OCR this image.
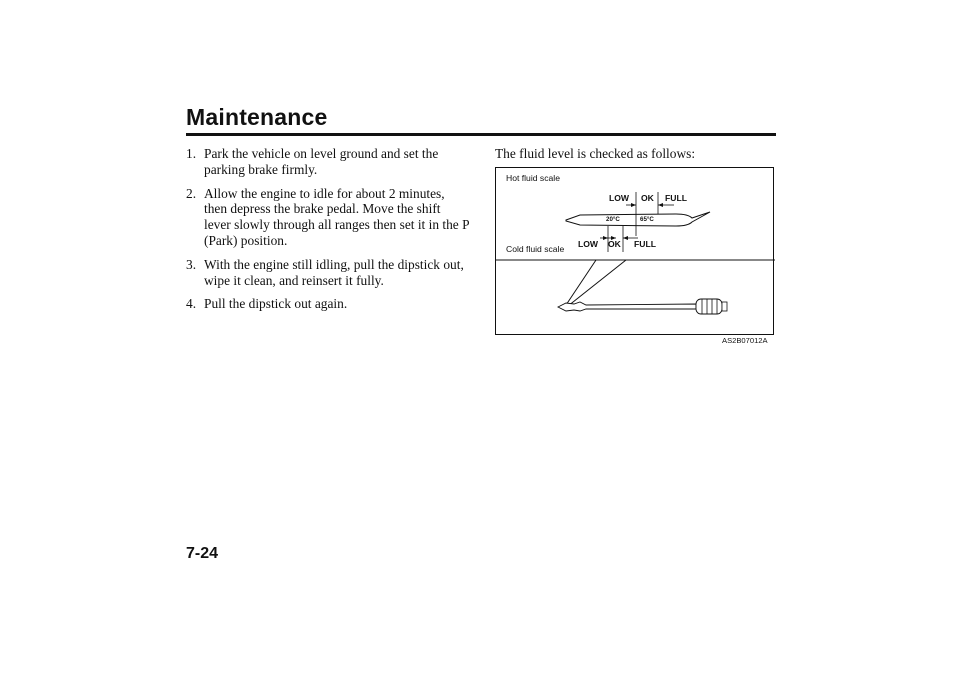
Maintenance
1. Park the vehicle on level ground and set the parking brake firmly.
2. Allow the engine to idle for about 2 minutes, then depress the brake pedal. Move the shift lever slowly through all ranges then set it in the P (Park) position.
3. With the engine still idling, pull the dipstick out, wipe it clean, and reinsert it fully.
4. Pull the dipstick out again.
The fluid level is checked as follows:
Hot fluid scale
Cold fluid scale
LOW OK FULL
20°C	65°C
LOW OK FULL
AS2B07012A
7-24
